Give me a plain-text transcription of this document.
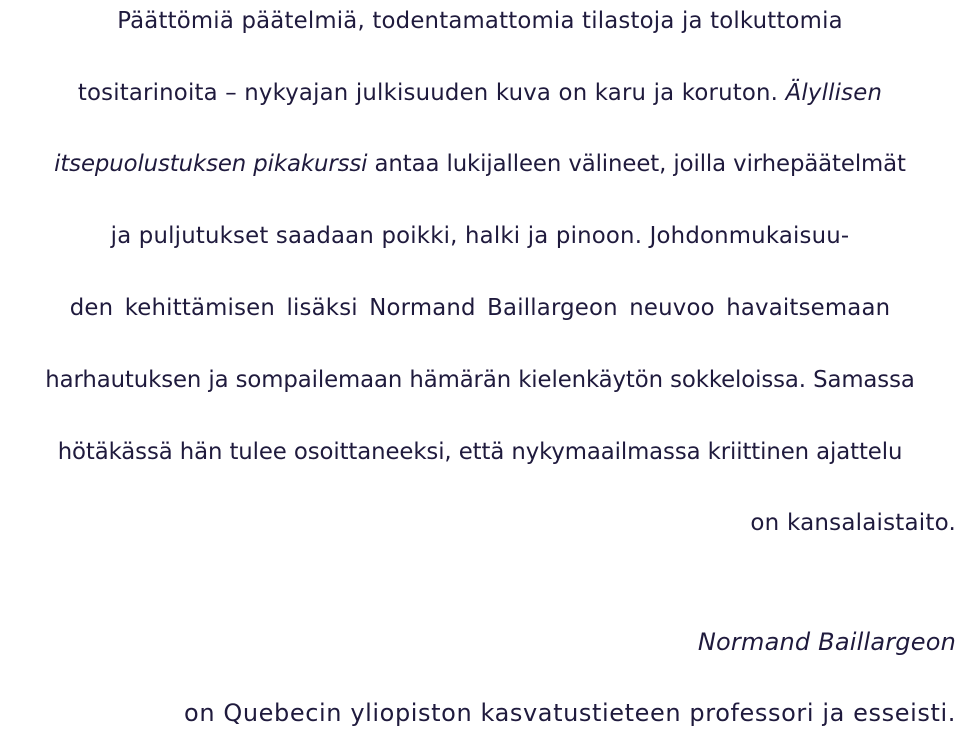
Päättömiä päätelmiä, todentamattomia tilastoja ja tolkuttomia
tositarinoita – nykyajan julkisuuden kuva on karu ja koruton. Älyllisen
itsepuolustuksen pikakurssi antaa lukijalleen välineet, joilla virhepäätelmät
ja puljutukset saadaan poikki, halki ja pinoon. Johdonmukaisuu-
den kehittämisen lisäksi Normand Baillargeon neuvoo havaitsemaan
harhautuksen ja sompailemaan hämärän kielenkäytön sokkeloissa. Samassa
hötäkässä hän tulee osoittaneeksi, että nykymaailmassa kriittinen ajattelu
on kansalaistaito.
Normand Baillargeon
on Quebecin yliopiston kasvatustieteen professori ja esseisti.
